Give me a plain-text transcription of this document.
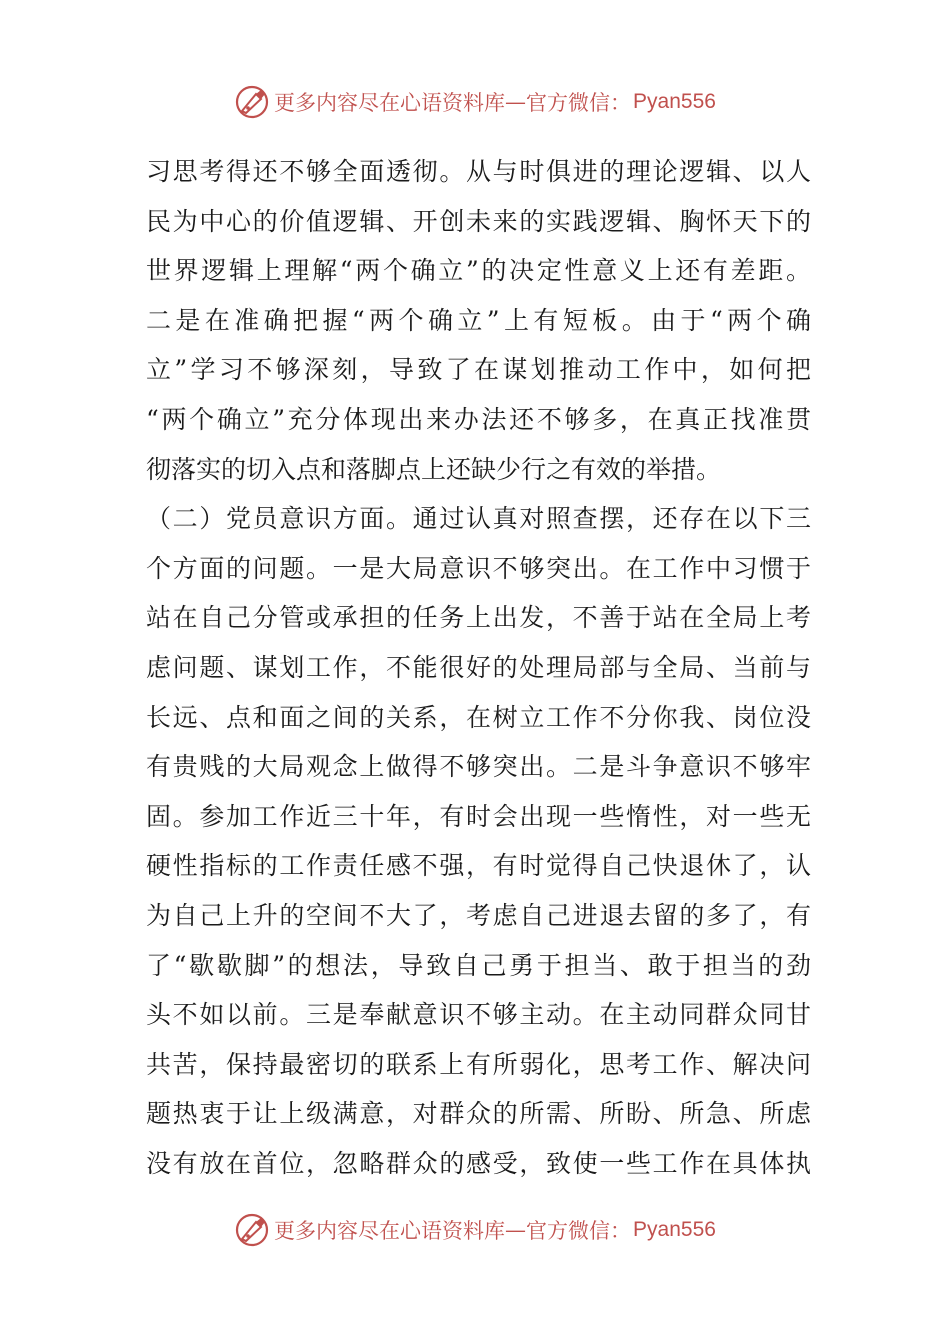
更多内容尽在心语资料库 — 官方微信： Pyan556
习思考得还不够全面透彻。从与时俱进的理论逻辑、以人
民为中心的价值逻辑、开创未来的实践逻辑、胸怀天下的
世界逻辑上理解“两个确立”的决定性意义上还有差距。
二是在准确把握“两个确立”上有短板。由于“两个确
立”学习不够深刻，导致了在谋划推动工作中，如何把
“两个确立”充分体现出来办法还不够多，在真正找准贯
彻落实的切入点和落脚点上还缺少行之有效的举措。
（二）党员意识方面。通过认真对照查摆，还存在以下三
个方面的问题。一是大局意识不够突出。在工作中习惯于
站在自己分管或承担的任务上出发，不善于站在全局上考
虑问题、谋划工作，不能很好的处理局部与全局、当前与
长远、点和面之间的关系，在树立工作不分你我、岗位没
有贵贱的大局观念上做得不够突出。二是斗争意识不够牢
固。参加工作近三十年，有时会出现一些惰性，对一些无
硬性指标的工作责任感不强，有时觉得自己快退休了，认
为自己上升的空间不大了，考虑自己进退去留的多了，有
了“歇歇脚”的想法，导致自己勇于担当、敢于担当的劲
头不如以前。三是奉献意识不够主动。在主动同群众同甘
共苦，保持最密切的联系上有所弱化，思考工作、解决问
题热衷于让上级满意，对群众的所需、所盼、所急、所虑
没有放在首位，忽略群众的感受，致使一些工作在具体执
更多内容尽在心语资料库 — 官方微信： Pyan556
